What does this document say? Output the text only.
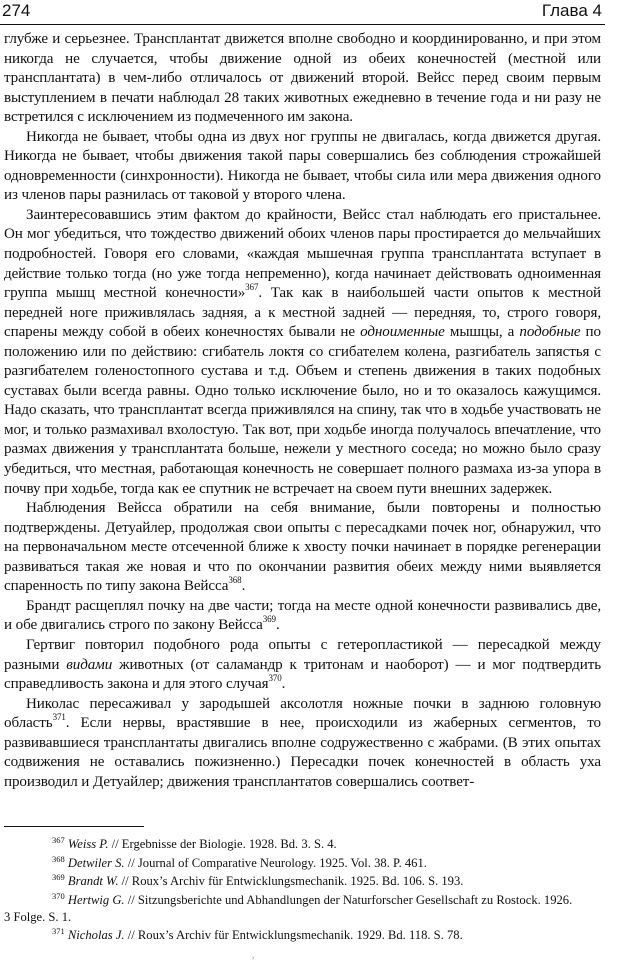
274	Глава 4

глубже и серьезнее. Трансплантат движется вполне свободно и координированно, и при этом никогда не случается, чтобы движение одной из обеих конечностей (местной или трансплантата) в чем-либо отличалось от движений второй. Вейсс перед своим первым выступлением в печати наблюдал 28 таких животных ежедневно в течение года и ни разу не встретился с исключением из подмеченного им закона.

Никогда не бывает, чтобы одна из двух ног группы не двигалась, когда движется другая. Никогда не бывает, чтобы движения такой пары совершались без соблюдения строжайшей одновременности (синхронности). Никогда не бывает, чтобы сила или мера движения одного из членов пары разнилась от таковой у второго члена.

Заинтересовавшись этим фактом до крайности, Вейсс стал наблюдать его пристальнее. Он мог убедиться, что тождество движений обоих членов пары простирается до мельчайших подробностей. Говоря его словами, «каждая мышечная группа трансплантата вступает в действие только тогда (но уже тогда непременно), когда начинает действовать одноименная группа мышц местной конечности»$^{367}$. Так как в наибольшей части опытов к местной передней ноге приживлялась задняя, а к местной задней — передняя, то, строго говоря, спарены между собой в обеих конечностях бывали не одноименные мышцы, а подобные по положению или по действию: сгибатель локтя со сгибателем колена, разгибатель запястья с разгибателем голеностопного сустава и т.д. Объем и степень движения в таких подобных суставах были всегда равны. Одно только исключение было, но и то оказалось кажущимся. Надо сказать, что трансплантат всегда приживлялся на спину, так что в ходьбе участвовать не мог, и только размахивал вхолостую. Так вот, при ходьбе иногда получалось впечатление, что размах движения у трансплантата больше, нежели у местного соседа; но можно было сразу убедиться, что местная, работающая конечность не совершает полного размаха из-за упора в почву при ходьбе, тогда как ее спутник не встречает на своем пути внешних задержек.

Наблюдения Вейсса обратили на себя внимание, были повторены и полностью подтверждены. Детуайлер, продолжая свои опыты с пересадками почек ног, обнаружил, что на первоначальном месте отсеченной ближе к хвосту почки начинает в порядке регенерации развиваться такая же новая и что по окончании развития обеих между ними выявляется спаренность по типу закона Вейсса$^{368}$.

Брандт расщеплял почку на две части; тогда на месте одной конечности развивались две, и обе двигались строго по закону Вейсса$^{369}$.

Гертвиг повторил подобного рода опыты с гетеропластикой — пересадкой между разными видами животных (от саламандр к тритонам и наоборот) — и мог подтвердить справедливость закона и для этого случая$^{370}$.

Николас пересаживал у зародышей аксолотля ножные почки в заднюю головную область$^{371}$. Если нервы, врастявшие в нее, происходили из жаберных сегментов, то развивавшиеся трансплантаты двигались вполне содружественно с жабрами. (В этих опытах содвижения не оставались пожизненно.) Пересадки почек конечностей в область уха производил и Детуайлер; движения трансплантатов совершались соответ-

$^{367}$ Weiss P. // Ergebnisse der Biologie. 1928. Bd. 3. S. 4.
$^{368}$ Detwiler S. // Journal of Comparative Neurology. 1925. Vol. 38. P. 461.
$^{369}$ Brandt W. // Roux’s Archiv für Entwicklungsmechanik. 1925. Bd. 106. S. 193.
$^{370}$ Hertwig G. // Sitzungsberichte und Abhandlungen der Naturforscher Gesellschaft zu Rostock. 1926.
3 Folge. S. 1.
$^{371}$ Nicholas J. // Roux’s Archiv für Entwicklungsmechanik. 1929. Bd. 118. S. 78.
,
